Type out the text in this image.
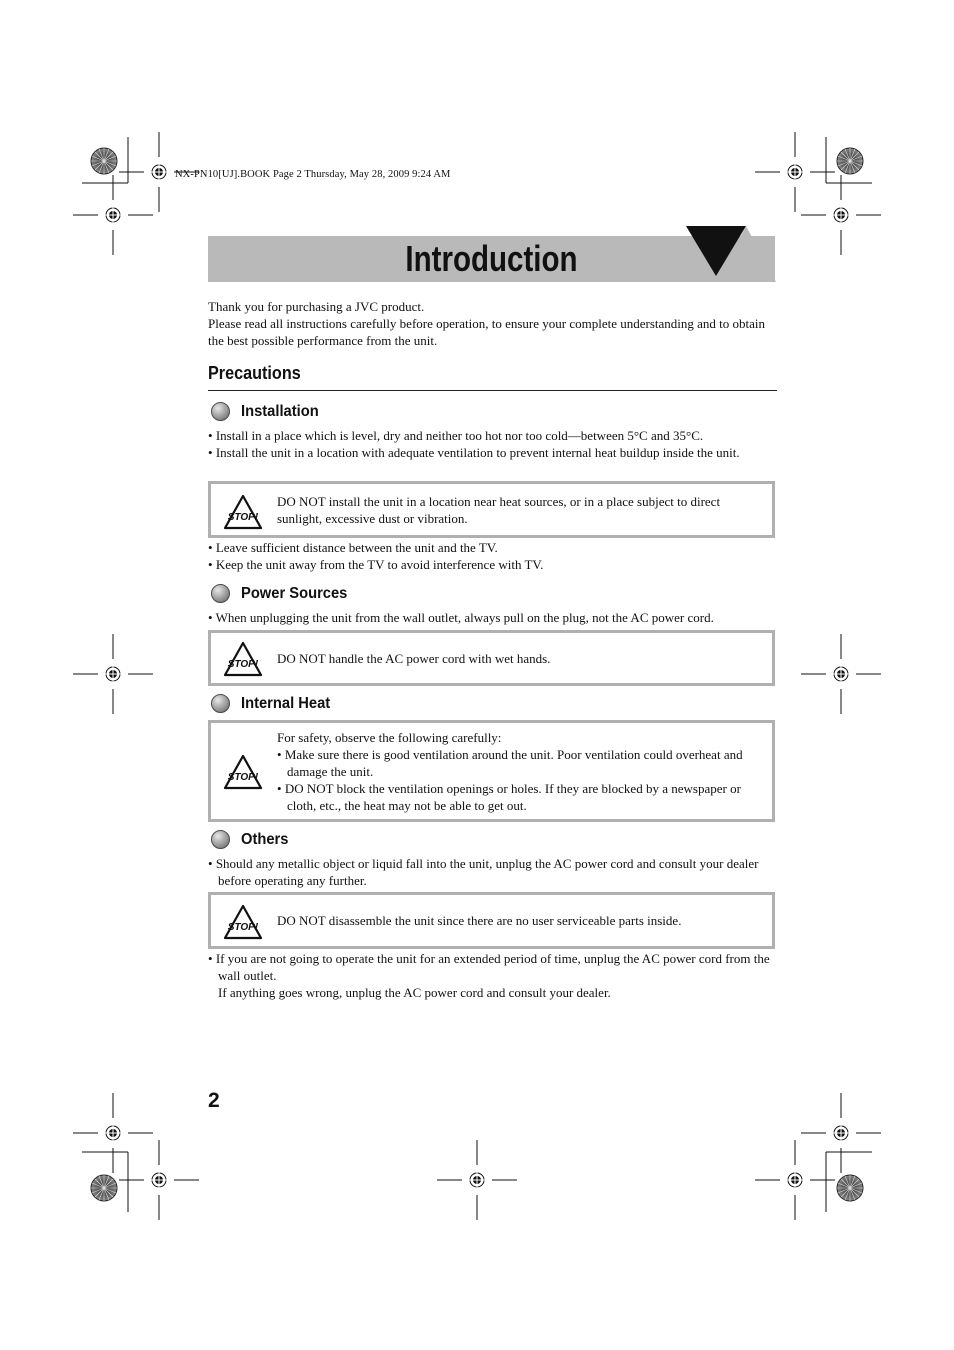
NX-PN10[UJ].BOOK Page 2 Thursday, May 28, 2009 9:24 AM
Introduction

Thank you for purchasing a JVC product.

Please read all instructions carefully before operation, to ensure your complete understanding and to obtain the best possible performance from the unit.

Precautions
Installation
• Install in a place which is level, dry and neither too hot nor too cold—between 5°C and 35°C.
• Install the unit in a location with adequate ventilation to prevent internal heat buildup inside the unit.
STOP!
DO NOT install the unit in a location near heat sources, or in a place subject to direct sunlight, excessive dust or vibration.
• Leave sufficient distance between the unit and the TV.
• Keep the unit away from the TV to avoid interference with TV.
Power Sources
• When unplugging the unit from the wall outlet, always pull on the plug, not the AC power cord.
STOP! DO NOT handle the AC power cord with wet hands.
Internal Heat
STOP!
For safety, observe the following carefully:
• Make sure there is good ventilation around the unit. Poor ventilation could overheat and damage the unit.
• DO NOT block the ventilation openings or holes. If they are blocked by a newspaper or cloth, etc., the heat may not be able to get out.
Others
• Should any metallic object or liquid fall into the unit, unplug the AC power cord and consult your dealer before operating any further.
STOP! DO NOT disassemble the unit since there are no user serviceable parts inside.
• If you are not going to operate the unit for an extended period of time, unplug the AC power cord from the wall outlet.
If anything goes wrong, unplug the AC power cord and consult your dealer.
2
